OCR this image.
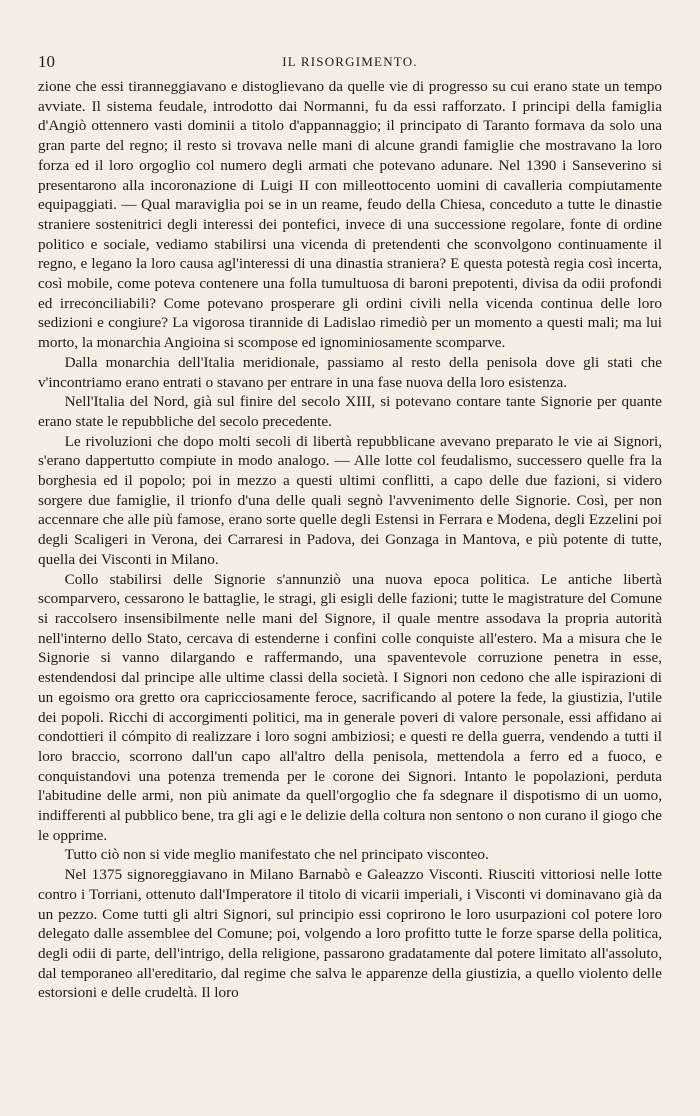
10	IL RISORGIMENTO.

zione che essi tiranneggiavano e distoglievano da quelle vie di progresso su cui erano state un tempo avviate. Il sistema feudale, introdotto dai Normanni, fu da essi rafforzato. I principi della famiglia d'Angiò ottennero vasti dominii a titolo d'appannaggio; il principato di Taranto formava da solo una gran parte del regno; il resto si trovava nelle mani di alcune grandi famiglie che mostravano la loro forza ed il loro orgoglio col numero degli armati che potevano adunare. Nel 1390 i Sanseverino si presentarono alla incoronazione di Luigi II con milleottocento uomini di cavalleria compiutamente equipaggiati. — Qual maraviglia poi se in un reame, feudo della Chiesa, conceduto a tutte le dinastie straniere sostenitrici degli interessi dei pontefici, invece di una successione regolare, fonte di ordine politico e sociale, vediamo stabilirsi una vicenda di pretendenti che sconvolgono continuamente il regno, e legano la loro causa agl'interessi di una dinastia straniera? E questa potestà regia così incerta, così mobile, come poteva contenere una folla tumultuosa di baroni prepotenti, divisa da odii profondi ed irreconciliabili? Come potevano prosperare gli ordini civili nella vicenda continua delle loro sedizioni e congiure? La vigorosa tirannide di Ladislao rimediò per un momento a questi mali; ma lui morto, la monarchia Angioina si scompose ed ignominiosamente scomparve.

Dalla monarchia dell'Italia meridionale, passiamo al resto della penisola dove gli stati che v'incontriamo erano entrati o stavano per entrare in una fase nuova della loro esistenza.

Nell'Italia del Nord, già sul finire del secolo XIII, si potevano contare tante Signorie per quante erano state le repubbliche del secolo precedente.

Le rivoluzioni che dopo molti secoli di libertà repubblicane avevano preparato le vie ai Signori, s'erano dappertutto compiute in modo analogo. — Alle lotte col feudalismo, successero quelle fra la borghesia ed il popolo; poi in mezzo a questi ultimi conflitti, a capo delle due fazioni, si videro sorgere due famiglie, il trionfo d'una delle quali segnò l'avvenimento delle Signorie. Così, per non accennare che alle più famose, erano sorte quelle degli Estensi in Ferrara e Modena, degli Ezzelini poi degli Scaligeri in Verona, dei Carraresi in Padova, dei Gonzaga in Mantova, e più potente di tutte, quella dei Visconti in Milano.

Collo stabilirsi delle Signorie s'annunziò una nuova epoca politica. Le antiche libertà scomparvero, cessarono le battaglie, le stragi, gli esigli delle fazioni; tutte le magistrature del Comune si raccolsero insensibilmente nelle mani del Signore, il quale mentre assodava la propria autorità nell'interno dello Stato, cercava di estenderne i confini colle conquiste all'estero. Ma a misura che le Signorie si vanno dilargando e raffermando, una spaventevole corruzione penetra in esse, estendendosi dal principe alle ultime classi della società. I Signori non cedono che alle ispirazioni di un egoismo ora gretto ora capricciosamente feroce, sacrificando al potere la fede, la giustizia, l'utile dei popoli. Ricchi di accorgimenti politici, ma in generale poveri di valore personale, essi affidano ai condottieri il cómpito di realizzare i loro sogni ambiziosi; e questi re della guerra, vendendo a tutti il loro braccio, scorrono dall'un capo all'altro della penisola, mettendola a ferro ed a fuoco, e conquistandovi una potenza tremenda per le corone dei Signori. Intanto le popolazioni, perduta l'abitudine delle armi, non più animate da quell'orgoglio che fa sdegnare il dispotismo di un uomo, indifferenti al pubblico bene, tra gli agi e le delizie della coltura non sentono o non curano il giogo che le opprime.

Tutto ciò non si vide meglio manifestato che nel principato visconteo.

Nel 1375 signoreggiavano in Milano Barnabò e Galeazzo Visconti. Riusciti vittoriosi nelle lotte contro i Torriani, ottenuto dall'Imperatore il titolo di vicarii imperiali, i Visconti vi dominavano già da un pezzo. Come tutti gli altri Signori, sul principio essi coprirono le loro usurpazioni col potere loro delegato dalle assemblee del Comune; poi, volgendo a loro profitto tutte le forze sparse della politica, degli odii di parte, dell'intrigo, della religione, passarono gradatamente dal potere limitato all'assoluto, dal temporaneo all'ereditario, dal regime che salva le apparenze della giustizia, a quello violento delle estorsioni e delle crudeltà. Il loro
